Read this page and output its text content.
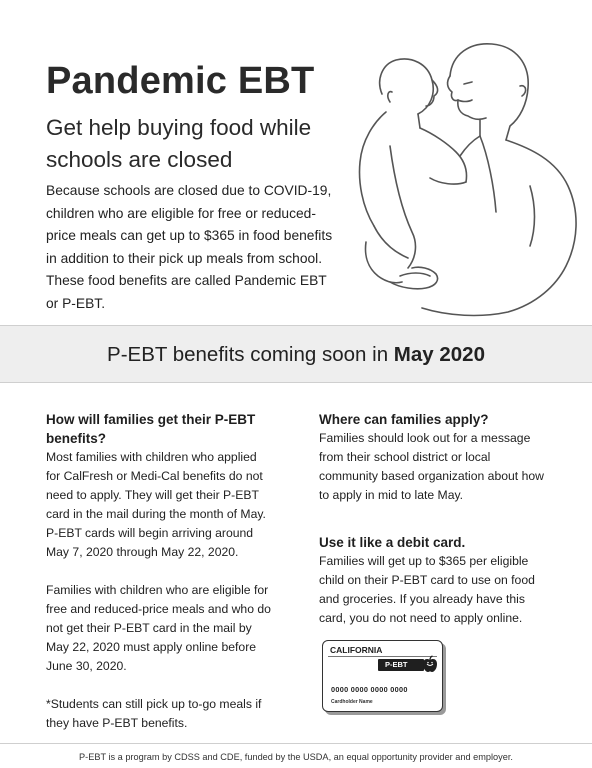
Pandemic EBT
Get help buying food while schools are closed

Because schools are closed due to COVID-19, children who are eligible for free or reduced-price meals can get up to $365 in food benefits in addition to their pick up meals from school. These food benefits are called Pandemic EBT or P-EBT.

P-EBT benefits coming soon in May 2020
How will families get their P-EBT benefits?

Most families with children who applied for CalFresh or Medi-Cal benefits do not need to apply. They will get their P-EBT card in the mail during the month of May. P-EBT cards will begin arriving around May 7, 2020 through May 22, 2020.

Families with children who are eligible for free and reduced-price meals and who do not get their P-EBT card in the mail by May 22, 2020 must apply online before June 30, 2020.

*Students can still pick up to-go meals if they have P-EBT benefits.

Where can families apply?

Families should look out for a message from their school district or local community based organization about how to apply in mid to late May.

Use it like a debit card.

Families will get up to $365 per eligible child on their P-EBT card to use on food and groceries. If you already have this card, you do not need to apply online.

CALIFORNIA
P-EBT
0000 0000 0000 0000
Cardholder Name
P-EBT is a program by CDSS and CDE, funded by the USDA, an equal opportunity provider and employer.
